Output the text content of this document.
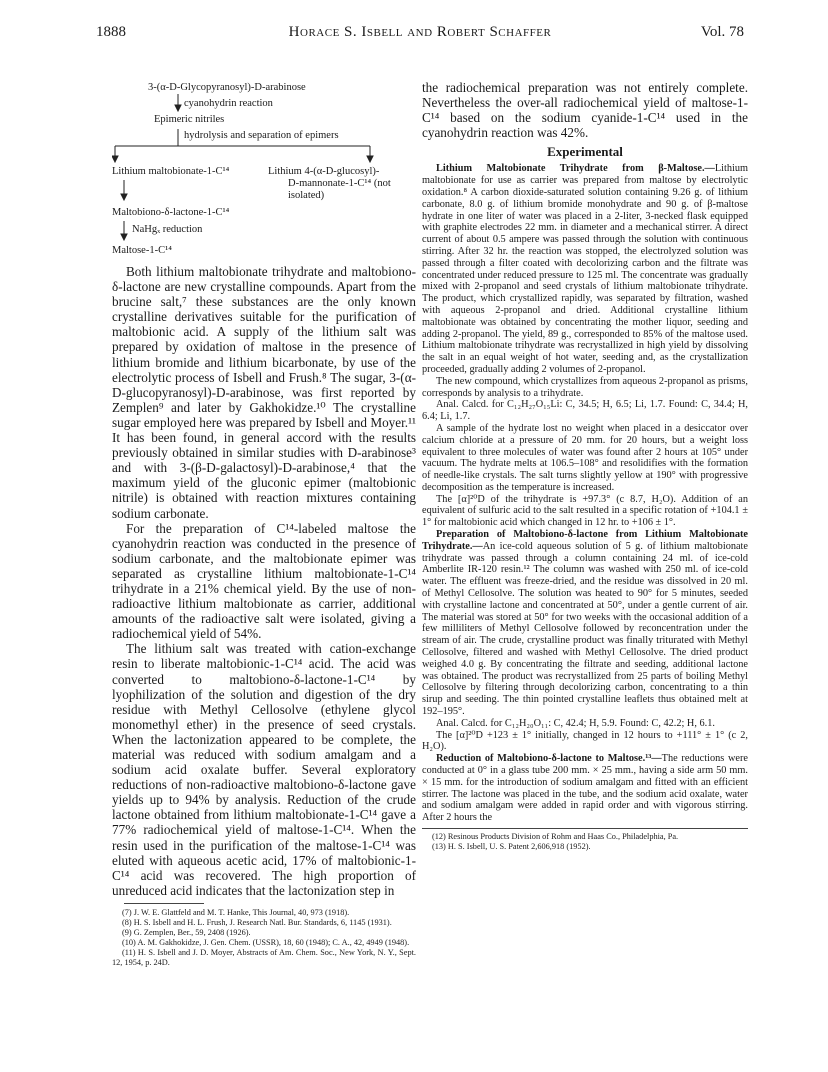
1888	Horace S. Isbell and Robert Schaffer	Vol. 78
3-(α-D-Glycopyranosyl)-D-arabinose
cyanohydrin reaction
Epimeric nitriles
hydrolysis and separation of epimers
Lithium maltobionate-1-C¹⁴	Lithium 4-(α-D-glucosyl)-
D-mannonate-1-C¹⁴ (not
isolated)
Maltobiono-δ-lactone-1-C¹⁴
NaHgₓ reduction
Maltose-1-C¹⁴

Both lithium maltobionate trihydrate and maltobiono-δ-lactone are new crystalline compounds. Apart from the brucine salt,⁷ these substances are the only known crystalline derivatives suitable for the purification of maltobionic acid. A supply of the lithium salt was prepared by oxidation of maltose in the presence of lithium bromide and lithium bicarbonate, by use of the electrolytic process of Isbell and Frush.⁸ The sugar, 3-(α-D-glucopyranosyl)-D-arabinose, was first reported by Zemplen⁹ and later by Gakhokidze.¹⁰ The crystalline sugar employed here was prepared by Isbell and Moyer.¹¹ It has been found, in general accord with the results previously obtained in similar studies with D-arabinose³ and with 3-(β-D-galactosyl)-D-arabinose,⁴ that the maximum yield of the gluconic epimer (maltobionic nitrile) is obtained with reaction mixtures containing sodium carbonate.

For the preparation of C¹⁴-labeled maltose the cyanohydrin reaction was conducted in the presence of sodium carbonate, and the maltobionate epimer was separated as crystalline lithium maltobionate-1-C¹⁴ trihydrate in a 21% chemical yield. By the use of non-radioactive lithium maltobionate as carrier, additional amounts of the radioactive salt were isolated, giving a radiochemical yield of 54%.

The lithium salt was treated with cation-exchange resin to liberate maltobionic-1-C¹⁴ acid. The acid was converted to maltobiono-δ-lactone-1-C¹⁴ by lyophilization of the solution and digestion of the dry residue with Methyl Cellosolve (ethylene glycol monomethyl ether) in the presence of seed crystals. When the lactonization appeared to be complete, the material was reduced with sodium amalgam and a sodium acid oxalate buffer. Several exploratory reductions of non-radioactive maltobiono-δ-lactone gave yields up to 94% by analysis. Reduction of the crude lactone obtained from lithium maltobionate-1-C¹⁴ gave a 77% radiochemical yield of maltose-1-C¹⁴. When the resin used in the purification of the maltose-1-C¹⁴ was eluted with aqueous acetic acid, 17% of maltobionic-1-C¹⁴ acid was recovered. The high proportion of unreduced acid indicates that the lactonization step in

(7) J. W. E. Glattfeld and M. T. Hanke, This Journal, 40, 973 (1918).

(8) H. S. Isbell and H. L. Frush, J. Research Natl. Bur. Standards, 6, 1145 (1931).

(9) G. Zemplen, Ber., 59, 2408 (1926).

(10) A. M. Gakhokidze, J. Gen. Chem. (USSR), 18, 60 (1948); C. A., 42, 4949 (1948).

(11) H. S. Isbell and J. D. Moyer, Abstracts of Am. Chem. Soc., New York, N. Y., Sept. 12, 1954, p. 24D.

the radiochemical preparation was not entirely complete. Nevertheless the over-all radiochemical yield of maltose-1-C¹⁴ based on the sodium cyanide-1-C¹⁴ used in the cyanohydrin reaction was 42%.

Experimental

Lithium Maltobionate Trihydrate from β-Maltose.—Lithium maltobionate for use as carrier was prepared from maltose by electrolytic oxidation.⁸ A carbon dioxide-saturated solution containing 9.26 g. of lithium carbonate, 8.0 g. of lithium bromide monohydrate and 90 g. of β-maltose hydrate in one liter of water was placed in a 2-liter, 3-necked flask equipped with graphite electrodes 22 mm. in diameter and a mechanical stirrer. A direct current of about 0.5 ampere was passed through the solution with continuous stirring. After 32 hr. the reaction was stopped, the electrolyzed solution was passed through a filter coated with decolorizing carbon and the filtrate was concentrated under reduced pressure to 125 ml. The concentrate was gradually mixed with 2-propanol and seed crystals of lithium maltobionate trihydrate. The product, which crystallized rapidly, was separated by filtration, washed with aqueous 2-propanol and dried. Additional crystalline lithium maltobionate was obtained by concentrating the mother liquor, seeding and adding 2-propanol. The yield, 89 g., corresponded to 85% of the maltose used. Lithium maltobionate trihydrate was recrystallized in high yield by dissolving the salt in an equal weight of hot water, seeding and, as the crystallization proceeded, gradually adding 2 volumes of 2-propanol.

The new compound, which crystallizes from aqueous 2-propanol as prisms, corresponds by analysis to a trihydrate.

Anal. Calcd. for C₁₂H₂₇O₁₅Li: C, 34.5; H, 6.5; Li, 1.7. Found: C, 34.4; H, 6.4; Li, 1.7.

A sample of the hydrate lost no weight when placed in a desiccator over calcium chloride at a pressure of 20 mm. for 20 hours, but a weight loss equivalent to three molecules of water was found after 2 hours at 105° under vacuum. The hydrate melts at 106.5–108° and resolidifies with the formation of needle-like crystals. The salt turns slightly yellow at 190° with progressive decomposition as the temperature is increased.

The [α]²⁰D of the trihydrate is +97.3° (c 8.7, H₂O). Addition of an equivalent of sulfuric acid to the salt resulted in a specific rotation of +104.1 ± 1° for maltobionic acid which changed in 12 hr. to +106 ± 1°.

Preparation of Maltobiono-δ-lactone from Lithium Maltobionate Trihydrate.—An ice-cold aqueous solution of 5 g. of lithium maltobionate trihydrate was passed through a column containing 24 ml. of ice-cold Amberlite IR-120 resin.¹² The column was washed with 250 ml. of ice-cold water. The effluent was freeze-dried, and the residue was dissolved in 20 ml. of Methyl Cellosolve. The solution was heated to 90° for 5 minutes, seeded with crystalline lactone and concentrated at 50°, under a gentle current of air. The material was stored at 50° for two weeks with the occasional addition of a few milliliters of Methyl Cellosolve followed by reconcentration under the stream of air. The crude, crystalline product was finally triturated with Methyl Cellosolve, filtered and washed with Methyl Cellosolve. The dried product weighed 4.0 g. By concentrating the filtrate and seeding, additional lactone was obtained. The product was recrystallized from 25 parts of boiling Methyl Cellosolve by filtering through decolorizing carbon, concentrating to a thin sirup and seeding. The thin pointed crystalline leaflets thus obtained melt at 192–195°.

Anal. Calcd. for C₁₂H₂₀O₁₁: C, 42.4; H, 5.9. Found: C, 42.2; H, 6.1.

The [α]²⁰D +123 ± 1° initially, changed in 12 hours to +111° ± 1° (c 2, H₂O).

Reduction of Maltobiono-δ-lactone to Maltose.¹³—The reductions were conducted at 0° in a glass tube 200 mm. × 25 mm., having a side arm 50 mm. × 15 mm. for the introduction of sodium amalgam and fitted with an efficient stirrer. The lactone was placed in the tube, and the sodium acid oxalate, water and sodium amalgam were added in rapid order and with vigorous stirring. After 2 hours the

(12) Resinous Products Division of Rohm and Haas Co., Philadelphia, Pa.

(13) H. S. Isbell, U. S. Patent 2,606,918 (1952).
